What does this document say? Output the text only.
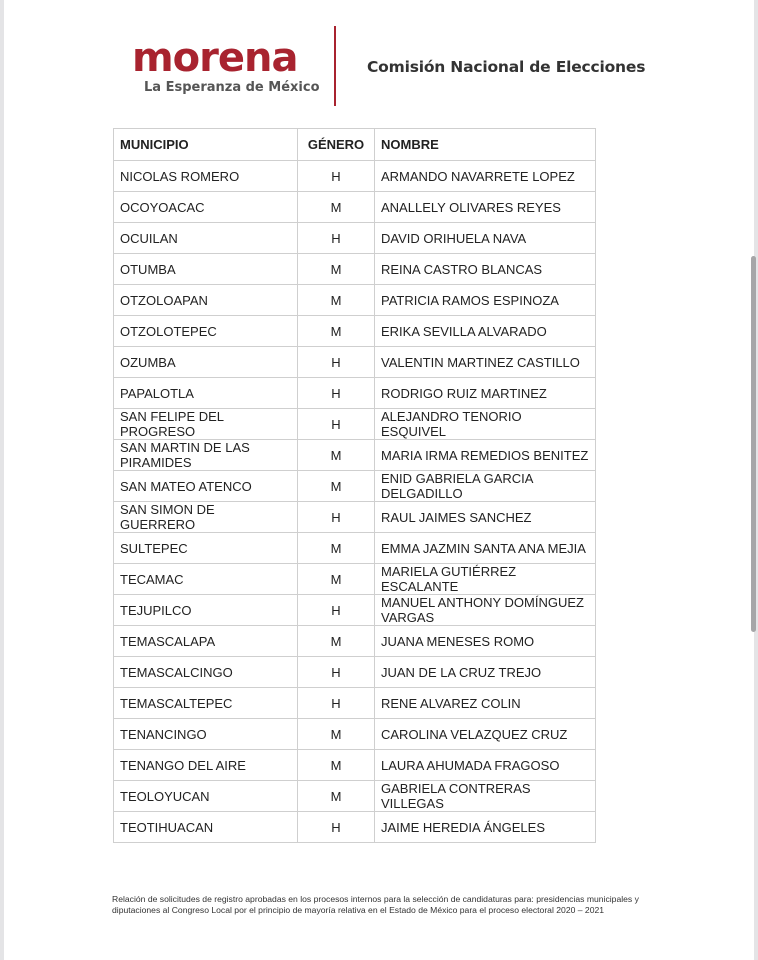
morena
La Esperanza de México
Comisión Nacional de Elecciones
MUNICIPIO	GÉNERO	NOMBRE
NICOLAS ROMERO	H	ARMANDO NAVARRETE LOPEZ
OCOYOACAC	M	ANALLELY OLIVARES REYES
OCUILAN	H	DAVID ORIHUELA NAVA
OTUMBA	M	REINA CASTRO BLANCAS
OTZOLOAPAN	M	PATRICIA RAMOS ESPINOZA
OTZOLOTEPEC	M	ERIKA SEVILLA ALVARADO
OZUMBA	H	VALENTIN MARTINEZ CASTILLO
PAPALOTLA	H	RODRIGO RUIZ MARTINEZ
SAN FELIPE DEL PROGRESO	H	ALEJANDRO TENORIO ESQUIVEL
SAN MARTIN DE LAS PIRAMIDES	M	MARIA IRMA REMEDIOS BENITEZ
SAN MATEO ATENCO	M	ENID GABRIELA GARCIA DELGADILLO
SAN SIMON DE GUERRERO	H	RAUL JAIMES SANCHEZ
SULTEPEC	M	EMMA JAZMIN SANTA ANA MEJIA
TECAMAC	M	MARIELA GUTIÉRREZ ESCALANTE
TEJUPILCO	H	MANUEL ANTHONY DOMÍNGUEZ VARGAS
TEMASCALAPA	M	JUANA MENESES ROMO
TEMASCALCINGO	H	JUAN DE LA CRUZ TREJO
TEMASCALTEPEC	H	RENE ALVAREZ COLIN
TENANCINGO	M	CAROLINA VELAZQUEZ CRUZ
TENANGO DEL AIRE	M	LAURA AHUMADA FRAGOSO
TEOLOYUCAN	M	GABRIELA CONTRERAS VILLEGAS
TEOTIHUACAN	H	JAIME HEREDIA ÁNGELES
Relación de solicitudes de registro aprobadas en los procesos internos para la selección de candidaturas para: presidencias municipales y diputaciones al Congreso Local por el principio de mayoría relativa en el Estado de México para el proceso electoral 2020 – 2021
